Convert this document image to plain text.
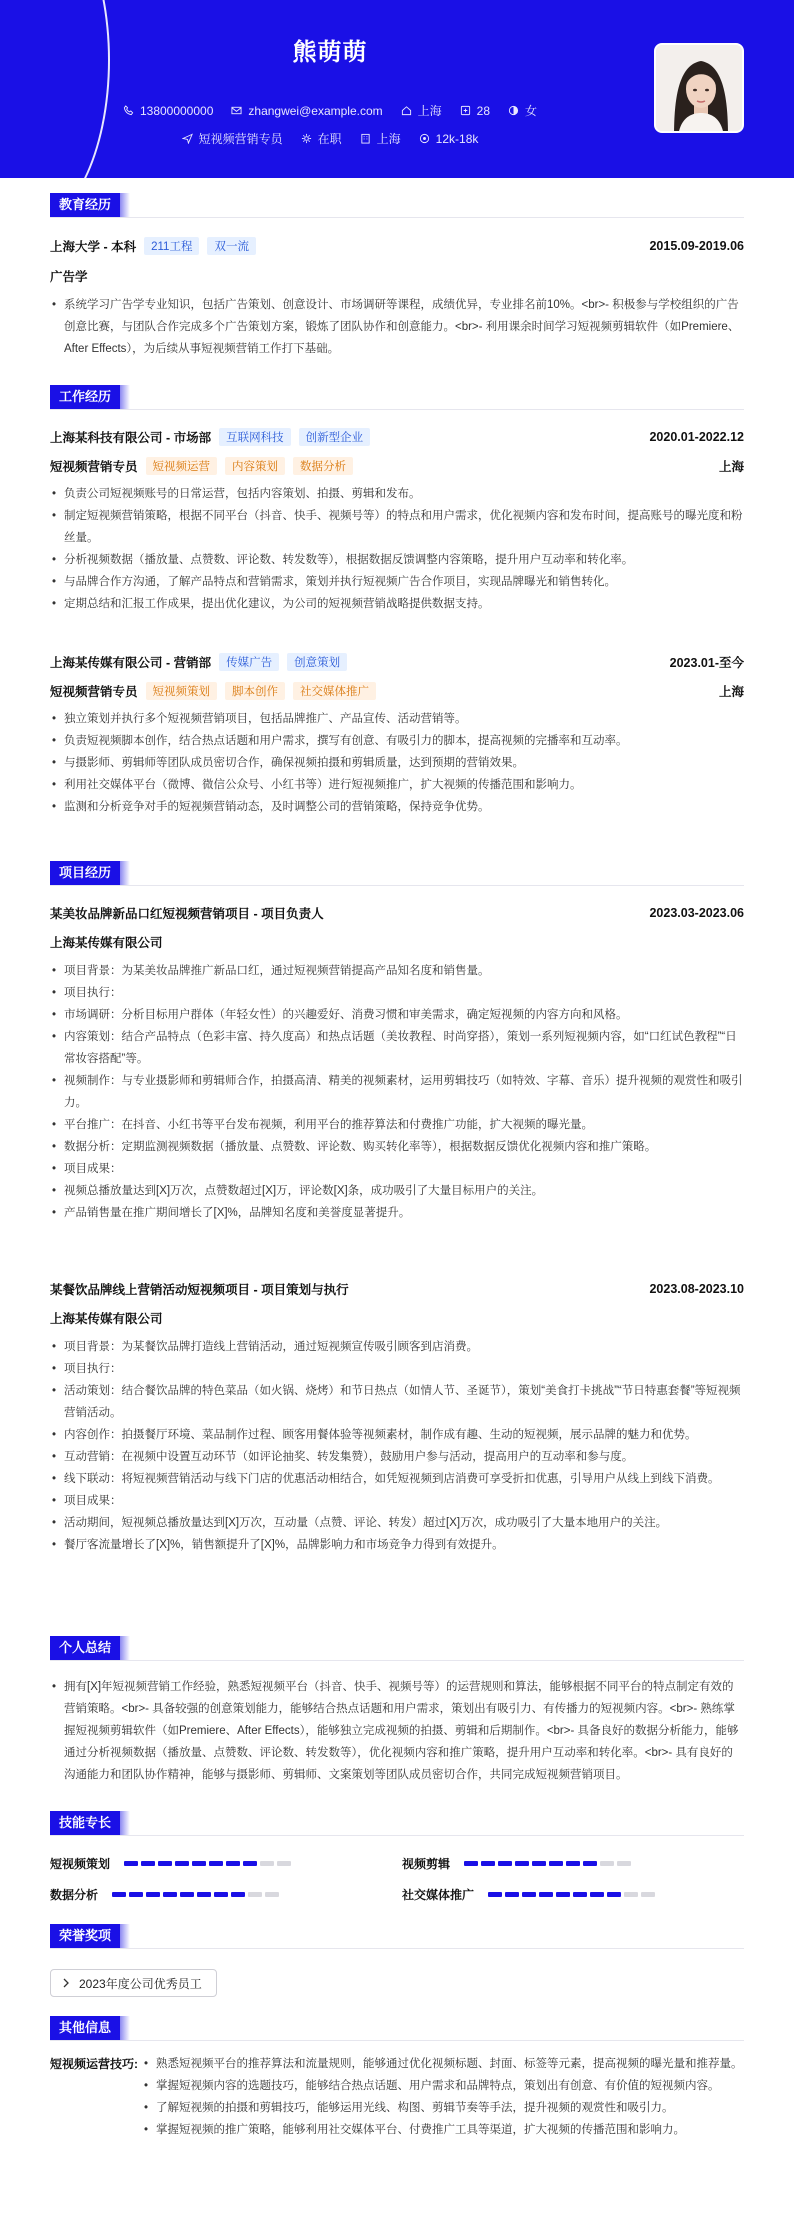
熊萌萌
13800000000	zhangwei@example.com	上海	28	女
短视频营销专员	在职	上海	12k-18k
教育经历
上海大学 - 本科	211工程	双一流	2015.09-2019.06
广告学
• 系统学习广告学专业知识，包括广告策划、创意设计、市场调研等课程，成绩优异，专业排名前10%。<br>- 积极参与学校组织的广告创意比赛，与团队合作完成多个广告策划方案，锻炼了团队协作和创意能力。<br>- 利用课余时间学习短视频剪辑软件（如Premiere、After Effects），为后续从事短视频营销工作打下基础。
工作经历
上海某科技有限公司 - 市场部	互联网科技	创新型企业	2020.01-2022.12
短视频营销专员	短视频运营	内容策划	数据分析	上海
• 负责公司短视频账号的日常运营，包括内容策划、拍摄、剪辑和发布。
• 制定短视频营销策略，根据不同平台（抖音、快手、视频号等）的特点和用户需求，优化视频内容和发布时间，提高账号的曝光度和粉丝量。
• 分析视频数据（播放量、点赞数、评论数、转发数等），根据数据反馈调整内容策略，提升用户互动率和转化率。
• 与品牌合作方沟通，了解产品特点和营销需求，策划并执行短视频广告合作项目，实现品牌曝光和销售转化。
• 定期总结和汇报工作成果，提出优化建议，为公司的短视频营销战略提供数据支持。
上海某传媒有限公司 - 营销部	传媒广告	创意策划	2023.01-至今
短视频营销专员	短视频策划	脚本创作	社交媒体推广	上海
• 独立策划并执行多个短视频营销项目，包括品牌推广、产品宣传、活动营销等。
• 负责短视频脚本创作，结合热点话题和用户需求，撰写有创意、有吸引力的脚本，提高视频的完播率和互动率。
• 与摄影师、剪辑师等团队成员密切合作，确保视频拍摄和剪辑质量，达到预期的营销效果。
• 利用社交媒体平台（微博、微信公众号、小红书等）进行短视频推广，扩大视频的传播范围和影响力。
• 监测和分析竞争对手的短视频营销动态，及时调整公司的营销策略，保持竞争优势。
项目经历
某美妆品牌新品口红短视频营销项目 - 项目负责人	2023.03-2023.06
上海某传媒有限公司
• 项目背景：为某美妆品牌推广新品口红，通过短视频营销提高产品知名度和销售量。
• 项目执行：
• 市场调研：分析目标用户群体（年轻女性）的兴趣爱好、消费习惯和审美需求，确定短视频的内容方向和风格。
• 内容策划：结合产品特点（色彩丰富、持久度高）和热点话题（美妆教程、时尚穿搭），策划一系列短视频内容，如“口红试色教程”“日常妆容搭配”等。
• 视频制作：与专业摄影师和剪辑师合作，拍摄高清、精美的视频素材，运用剪辑技巧（如特效、字幕、音乐）提升视频的观赏性和吸引力。
• 平台推广：在抖音、小红书等平台发布视频，利用平台的推荐算法和付费推广功能，扩大视频的曝光量。
• 数据分析：定期监测视频数据（播放量、点赞数、评论数、购买转化率等），根据数据反馈优化视频内容和推广策略。
• 项目成果：
• 视频总播放量达到[X]万次，点赞数超过[X]万，评论数[X]条，成功吸引了大量目标用户的关注。
• 产品销售量在推广期间增长了[X]%，品牌知名度和美誉度显著提升。
某餐饮品牌线上营销活动短视频项目 - 项目策划与执行	2023.08-2023.10
上海某传媒有限公司
• 项目背景：为某餐饮品牌打造线上营销活动，通过短视频宣传吸引顾客到店消费。
• 项目执行：
• 活动策划：结合餐饮品牌的特色菜品（如火锅、烧烤）和节日热点（如情人节、圣诞节），策划“美食打卡挑战”“节日特惠套餐”等短视频营销活动。
• 内容创作：拍摄餐厅环境、菜品制作过程、顾客用餐体验等视频素材，制作成有趣、生动的短视频，展示品牌的魅力和优势。
• 互动营销：在视频中设置互动环节（如评论抽奖、转发集赞），鼓励用户参与活动，提高用户的互动率和参与度。
• 线下联动：将短视频营销活动与线下门店的优惠活动相结合，如凭短视频到店消费可享受折扣优惠，引导用户从线上到线下消费。
• 项目成果：
• 活动期间，短视频总播放量达到[X]万次，互动量（点赞、评论、转发）超过[X]万次，成功吸引了大量本地用户的关注。
• 餐厅客流量增长了[X]%，销售额提升了[X]%，品牌影响力和市场竞争力得到有效提升。
个人总结
• 拥有[X]年短视频营销工作经验，熟悉短视频平台（抖音、快手、视频号等）的运营规则和算法，能够根据不同平台的特点制定有效的营销策略。<br>- 具备较强的创意策划能力，能够结合热点话题和用户需求，策划出有吸引力、有传播力的短视频内容。<br>- 熟练掌握短视频剪辑软件（如Premiere、After Effects），能够独立完成视频的拍摄、剪辑和后期制作。<br>- 具备良好的数据分析能力，能够通过分析视频数据（播放量、点赞数、评论数、转发数等），优化视频内容和推广策略，提升用户互动率和转化率。<br>- 具有良好的沟通能力和团队协作精神，能够与摄影师、剪辑师、文案策划等团队成员密切合作，共同完成短视频营销项目。
技能专长
短视频策划	视频剪辑
数据分析	社交媒体推广
荣誉奖项
2023年度公司优秀员工
其他信息
短视频运营技巧:
•	熟悉短视频平台的推荐算法和流量规则，能够通过优化视频标题、封面、标签等元素，提高视频的曝光量和推荐量。
• 掌握短视频内容的选题技巧，能够结合热点话题、用户需求和品牌特点，策划出有创意、有价值的短视频内容。
• 了解短视频的拍摄和剪辑技巧，能够运用光线、构图、剪辑节奏等手法，提升视频的观赏性和吸引力。
• 掌握短视频的推广策略，能够利用社交媒体平台、付费推广工具等渠道，扩大视频的传播范围和影响力。
